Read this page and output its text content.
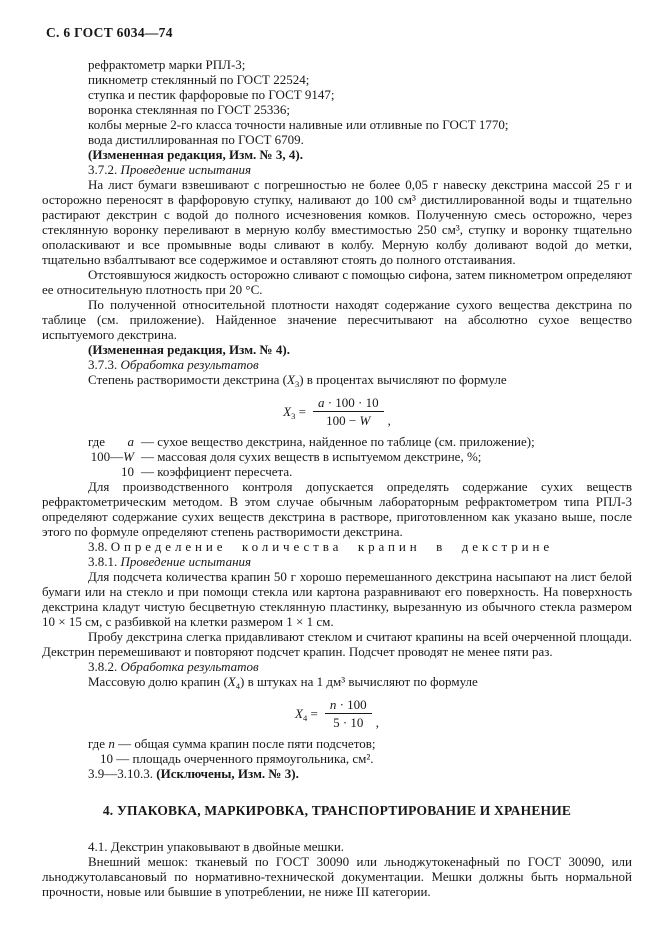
С. 6 ГОСТ 6034—74
рефрактометр марки РПЛ-3;
пикнометр стеклянный по ГОСТ 22524;
ступка и пестик фарфоровые по ГОСТ 9147;
воронка стеклянная по ГОСТ 25336;
колбы мерные 2-го класса точности наливные или отливные по ГОСТ 1770;
вода дистиллированная по ГОСТ 6709.
(Измененная редакция, Изм. № 3, 4).
3.7.2. Проведение испытания

На лист бумаги взвешивают с погрешностью не более 0,05 г навеску декстрина массой 25 г и осторожно переносят в фарфоровую ступку, наливают до 100 см³ дистиллированной воды и тщательно растирают декстрин с водой до полного исчезновения комков. Полученную смесь осторожно, через стеклянную воронку переливают в мерную колбу вместимостью 250 см³, ступку и воронку тщательно ополаскивают и все промывные воды сливают в колбу. Мерную колбу доливают водой до метки, тщательно взбалтывают все содержимое и оставляют стоять до полного отстаивания.

Отстоявшуюся жидкость осторожно сливают с помощью сифона, затем пикнометром определяют ее относительную плотность при 20 °С.

По полученной относительной плотности находят содержание сухого вещества декстрина по таблице (см. приложение). Найденное значение пересчитывают на абсолютно сухое вещество испытуемого декстрина.

(Измененная редакция, Изм. № 4).
3.7.3. Обработка результатов
Степень растворимости декстрина $(X_3)$ в процентах вычисляют по формуле
$X_3 = \frac{a \cdot 100 \cdot 10}{100 - W}$ ,
где а — сухое вещество декстрина, найденное по таблице (см. приложение);
100— W — массовая доля сухих веществ в испытуемом декстрине, %;
10 — коэффициент пересчета.

Для производственного контроля допускается определять содержание сухих веществ рефрактометрическим методом. В этом случае обычным лабораторным рефрактометром типа РПЛ-3 определяют содержание сухих веществ декстрина в растворе, приготовленном как указано выше, после этого по формуле определяют степень растворимости декстрина.

3.8. Определение количества крапин в декстрине
3.8.1. Проведение испытания

Для подсчета количества крапин 50 г хорошо перемешанного декстрина насыпают на лист белой бумаги или на стекло и при помощи стекла или картона разравнивают его поверхность. На поверхность декстрина кладут чистую бесцветную стеклянную пластинку, вырезанную из обычного стекла размером 10 × 15 см, с разбивкой на клетки размером 1 × 1 см.

Пробу декстрина слегка придавливают стеклом и считают крапины на всей очерченной площади. Декстрин перемешивают и повторяют подсчет крапин. Подсчет проводят не менее пяти раз.

3.8.2. Обработка результатов
Массовую долю крапин $(X_4)$ в штуках на 1 дм³ вычисляют по формуле
$X_4 = \frac{n \cdot 100}{5 \cdot 10}$ ,
где n — общая сумма крапин после пяти подсчетов;
10 — площадь очерченного прямоугольника, см².
3.9—3.10.3. (Исключены, Изм. № 3).
4. УПАКОВКА, МАРКИРОВКА, ТРАНСПОРТИРОВАНИЕ И ХРАНЕНИЕ

4.1. Декстрин упаковывают в двойные мешки.

Внешний мешок: тканевый по ГОСТ 30090 или льноджутокенафный по ГОСТ 30090, или льноджутолавсановый по нормативно-технической документации. Мешки должны быть нормальной прочности, новые или бывшие в употреблении, не ниже III категории.
